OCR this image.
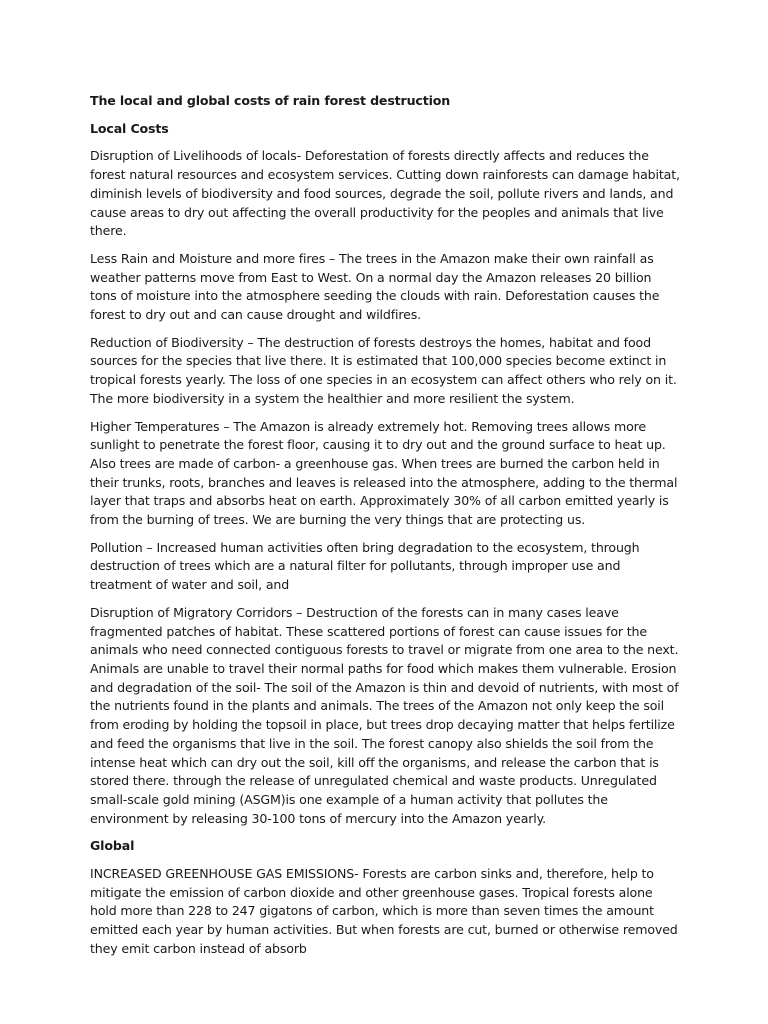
The local and global costs of rain forest destruction

Local Costs

Disruption of Livelihoods of locals- Deforestation of forests directly affects and reduces the forest natural resources and ecosystem services. Cutting down rainforests can damage habitat, diminish levels of biodiversity and food sources, degrade the soil, pollute rivers and lands, and cause areas to dry out affecting the overall productivity for the peoples and animals that live there.

Less Rain and Moisture and more fires – The trees in the Amazon make their own rainfall as weather patterns move from East to West. On a normal day the Amazon releases 20 billion tons of moisture into the atmosphere seeding the clouds with rain. Deforestation causes the forest to dry out and can cause drought and wildfires.

Reduction of Biodiversity – The destruction of forests destroys the homes, habitat and food sources for the species that live there. It is estimated that 100,000 species become extinct in tropical forests yearly. The loss of one species in an ecosystem can affect others who rely on it. The more biodiversity in a system the healthier and more resilient the system.

Higher Temperatures – The Amazon is already extremely hot. Removing trees allows more sunlight to penetrate the forest floor, causing it to dry out and the ground surface to heat up. Also trees are made of carbon- a greenhouse gas. When trees are burned the carbon held in their trunks, roots, branches and leaves is released into the atmosphere, adding to the thermal layer that traps and absorbs heat on earth. Approximately 30% of all carbon emitted yearly is from the burning of trees. We are burning the very things that are protecting us.

Pollution – Increased human activities often bring degradation to the ecosystem, through destruction of trees which are a natural filter for pollutants, through improper use and treatment of water and soil, and

Disruption of Migratory Corridors – Destruction of the forests can in many cases leave fragmented patches of habitat. These scattered portions of forest can cause issues for the animals who need connected contiguous forests to travel or migrate from one area to the next. Animals are unable to travel their normal paths for food which makes them vulnerable. Erosion and degradation of the soil- The soil of the Amazon is thin and devoid of nutrients, with most of the nutrients found in the plants and animals. The trees of the Amazon not only keep the soil from eroding by holding the topsoil in place, but trees drop decaying matter that helps fertilize and feed the organisms that live in the soil. The forest canopy also shields the soil from the intense heat which can dry out the soil, kill off the organisms, and release the carbon that is stored there. through the release of unregulated chemical and waste products. Unregulated small-scale gold mining (ASGM)is one example of a human activity that pollutes the environment by releasing 30-100 tons of mercury into the Amazon yearly.

Global

INCREASED GREENHOUSE GAS EMISSIONS- Forests are carbon sinks and, therefore, help to mitigate the emission of carbon dioxide and other greenhouse gases. Tropical forests alone hold more than 228 to 247 gigatons of carbon, which is more than seven times the amount emitted each year by human activities. But when forests are cut, burned or otherwise removed they emit carbon instead of absorb
